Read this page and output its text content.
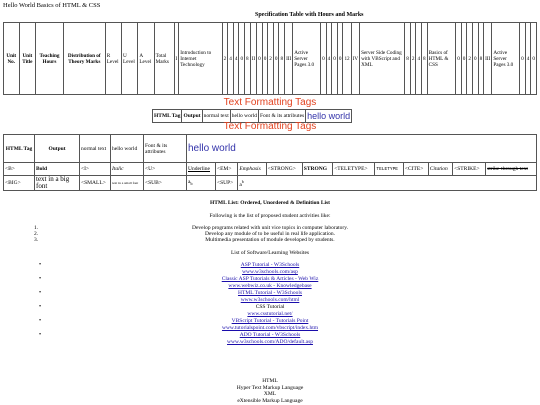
Hello World Basics of HTML & CSS
Specification Table with Hours and Marks
Unit No.	Unit Title	Teaching Hours	Distribution of Theory Marks	R Level	U Level	A Level	Total Marks	I	Introduction to Internet Technology	2	4	4	0	8	II	0	0	2	0	8	III	Active Server Pages 3.0	0	4	0	0	12	IV	Server Side Coding with VBScript and XML	8	2	4	8	Basics of HTML & CSS	0	0	2	0	8	III	Active Server Pages 3.0	0	4	0
Text Formatting Tags
HTML Tag	Output	normal text	hello world	Font & its attributes	hello world
Text Formatting Tags
HTML Tag	Output	normal text	hello world	Font & its attributes	hello world										
<B>	Bold	<I>	Italic	<U>	Underline	<EM>	Emphasis	<STRONG>	STRONG	<TELETYPE>	TELETYPE	<CITE>	Citation	<STRIKE>	strike-through text
<BIG>	text in a big font	<SMALL>	text in a small font	<SUB>	$a_b$	<SUP>	$a^b$
HTML List: Ordered, Unordered & Definition List
Following is the list of proposed student activities like:
1.	Develop programs related with unit vice topics in computer laboratory.
2.	Develop any module of to be useful in real life application.
3.	Multimedia presentation of module developed by students.
List of Software/Learning Websites
•	ASP Tutorial - W3Schools
www.w3schools.com/asp
•	Classic ASP Tutorials & Articles - Web Wiz
www.webwiz.co.uk - Knowledgebase
•	HTML Tutorial - W3Schools
www.w3schools.com/html
•	CSS Tutorial
www.csstutorial.net/
•	VBScript Tutorial - Tutorials Point
www.tutorialspoint.com/vbscript/index.htm
•	ADO Tutorial - W3Schools
www.w3schools.com/ADO/default.asp
HTML
Hyper Text Markup Language
XML
eXtensible Markup Language
